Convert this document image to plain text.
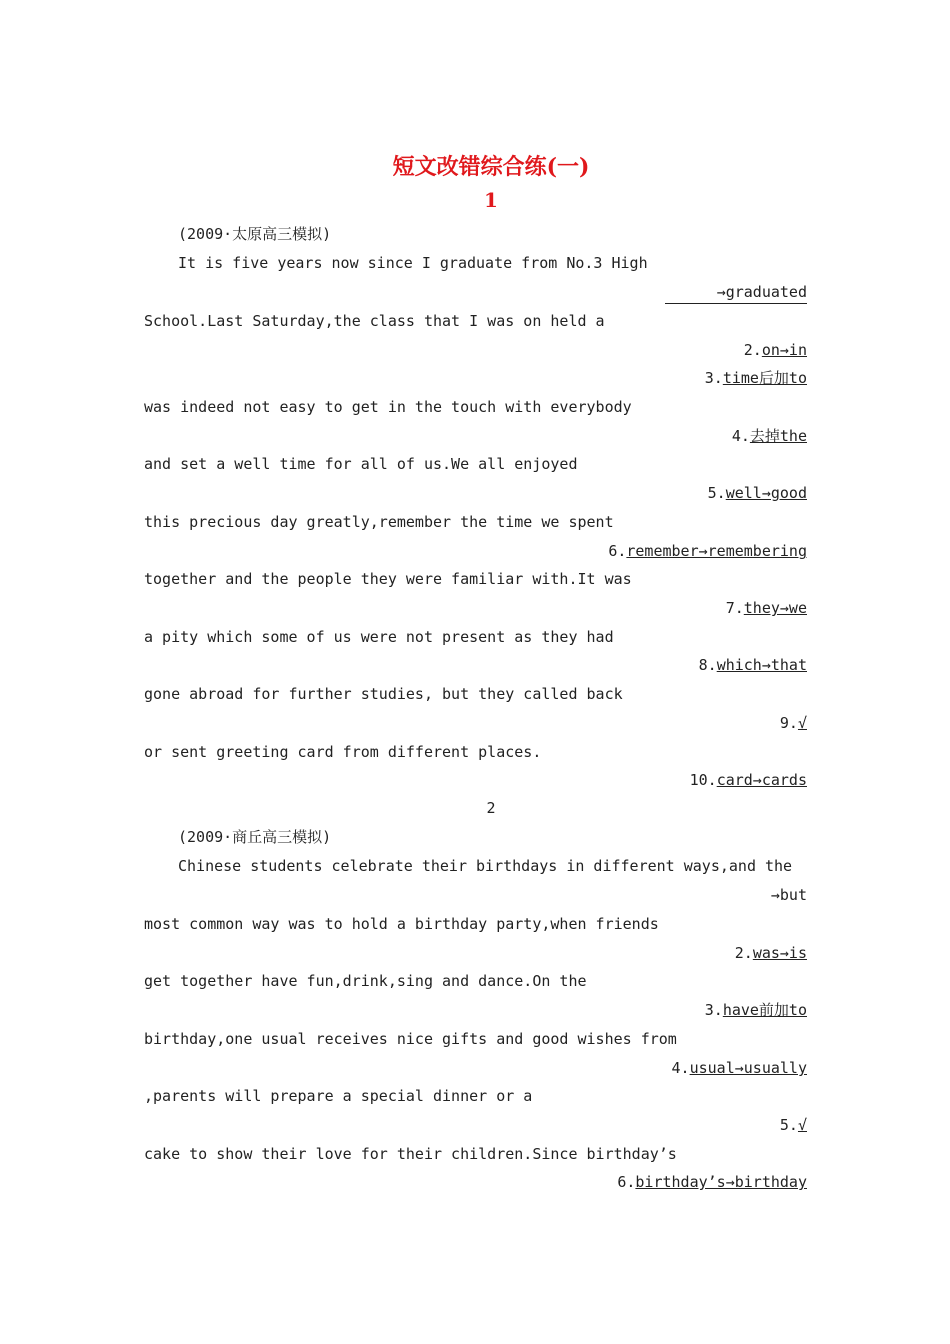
短文改错综合练(一)
1
(2009·太原高三模拟)
It is five years now since I graduate from No.3 High
→graduated
School.Last Saturday,the class that I was on held a
2.on→in
3.time后加to
was indeed not easy to get in the touch with everybody
4.去掉the
and set a well time for all of us.We all enjoyed
5.well→good
this precious day greatly,remember the time we spent
6.remember→remembering
together and the people they were familiar with.It was
7.they→we
a pity which some of us were not present as they had
8.which→that
gone abroad for further studies, but they called back
9.√
or sent greeting card from different places.
10.card→cards
2
(2009·商丘高三模拟)
Chinese students celebrate their birthdays in different ways,and the
→but
most common way was to hold a birthday party,when friends
2.was→is
get together have fun,drink,sing and dance.On the
3.have前加to
birthday,one usual receives nice gifts and good wishes from
4.usual→usually
,parents will prepare a special dinner or a
5.√
cake to show their love for their children.Since birthday’s
6.birthday’s→birthday
